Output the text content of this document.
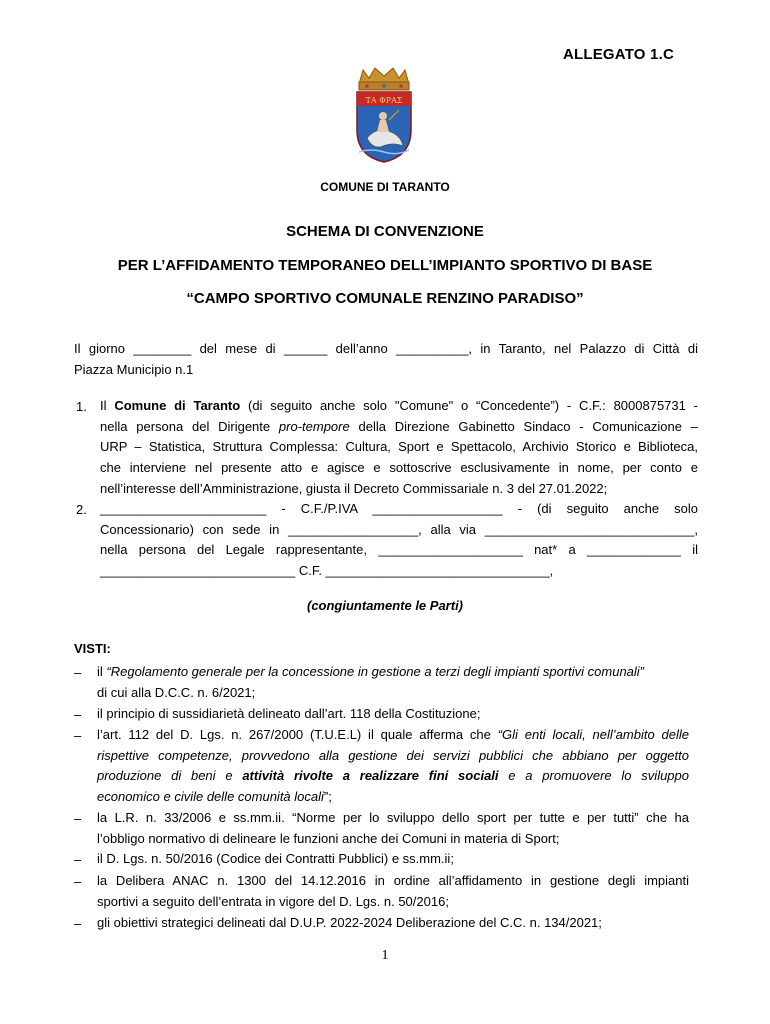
ALLEGATO 1.C
ΤΑ ΦΡΑΣ
COMUNE DI TARANTO
SCHEMA DI CONVENZIONE
PER L’AFFIDAMENTO TEMPORANEO DELL’IMPIANTO SPORTIVO DI BASE
“CAMPO SPORTIVO COMUNALE RENZINO PARADISO”
Il giorno ________ del mese di ______ dell’anno __________, in Taranto, nel Palazzo di Città di
Piazza Municipio n.1
1. Il Comune di Taranto (di seguito anche solo "Comune" o “Concedente”) - C.F.: 8000875731 -
nella persona del Dirigente pro-tempore della Direzione Gabinetto Sindaco - Comunicazione –
URP – Statistica, Struttura Complessa: Cultura, Sport e Spettacolo, Archivio Storico e Biblioteca,
che interviene nel presente atto e agisce e sottoscrive esclusivamente in nome, per conto e
nell’interesse dell’Amministrazione, giusta il Decreto Commissariale n. 3 del 27.01.2022;
2. _______________________ - C.F./P.IVA __________________ - (di seguito anche solo
Concessionario) con sede in __________________, alla via _____________________________,
nella persona del Legale rappresentante, ____________________ nat* a _____________ il
___________________________ C.F. _______________________________,
(congiuntamente le Parti)
VISTI:
– il “Regolamento generale per la concessione in gestione a terzi degli impianti sportivi comunali”
di cui alla D.C.C. n. 6/2021;
– il principio di sussidiarietà delineato dall’art. 118 della Costituzione;
– l’art. 112 del D. Lgs. n. 267/2000 (T.U.E.L) il quale afferma che “Gli enti locali, nell’ambito delle
rispettive competenze, provvedono alla gestione dei servizi pubblici che abbiano per oggetto
produzione di beni e attività rivolte a realizzare fini sociali e a promuovere lo sviluppo
economico e civile delle comunità locali”;
– la L.R. n. 33/2006 e ss.mm.ii. “Norme per lo sviluppo dello sport per tutte e per tutti” che ha
l’obbligo normativo di delineare le funzioni anche dei Comuni in materia di Sport;
– il D. Lgs. n. 50/2016 (Codice dei Contratti Pubblici) e ss.mm.ii;
– la Delibera ANAC n. 1300 del 14.12.2016 in ordine all’affidamento in gestione degli impianti
sportivi a seguito dell’entrata in vigore del D. Lgs. n. 50/2016;
– gli obiettivi strategici delineati dal D.U.P. 2022-2024 Deliberazione del C.C. n. 134/2021;
1
